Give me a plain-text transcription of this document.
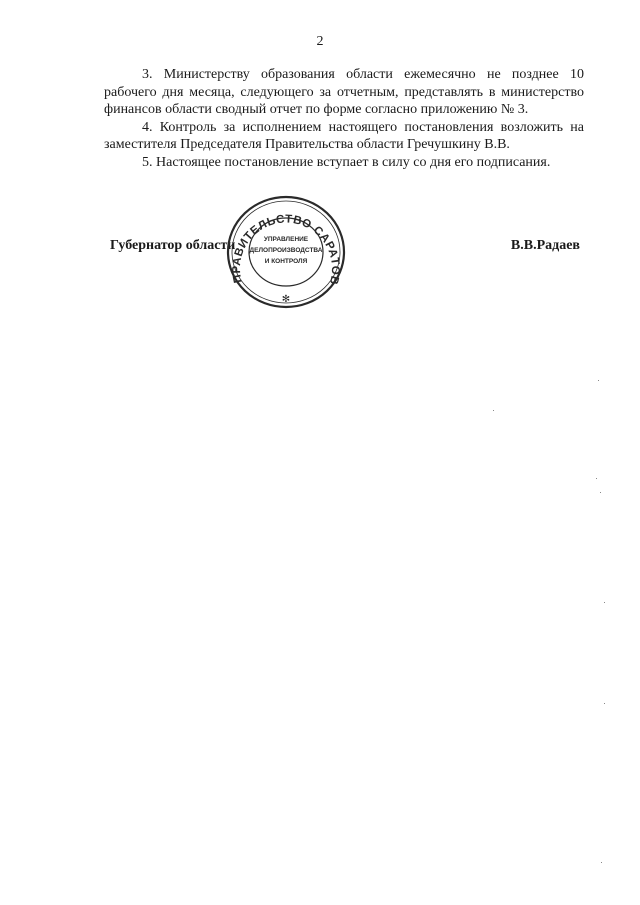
2

3. Министерству образования области ежемесячно не позднее 10 рабочего дня месяца, следующего за отчетным, представлять в министерство финансов области сводный отчет по форме согласно приложению № 3.

4. Контроль за исполнением настоящего постановления возложить на заместителя Председателя Правительства области Гречушкину В.В.

5. Настоящее постановление вступает в силу со дня его подписания.

Губернатор области	В.В.Радаев
ПРАВИТЕЛЬСТВО САРАТОВ
УПРАВЛЕНИЕ
ДЕЛОПРОИЗВОДСТВА
И КОНТРОЛЯ
✻
